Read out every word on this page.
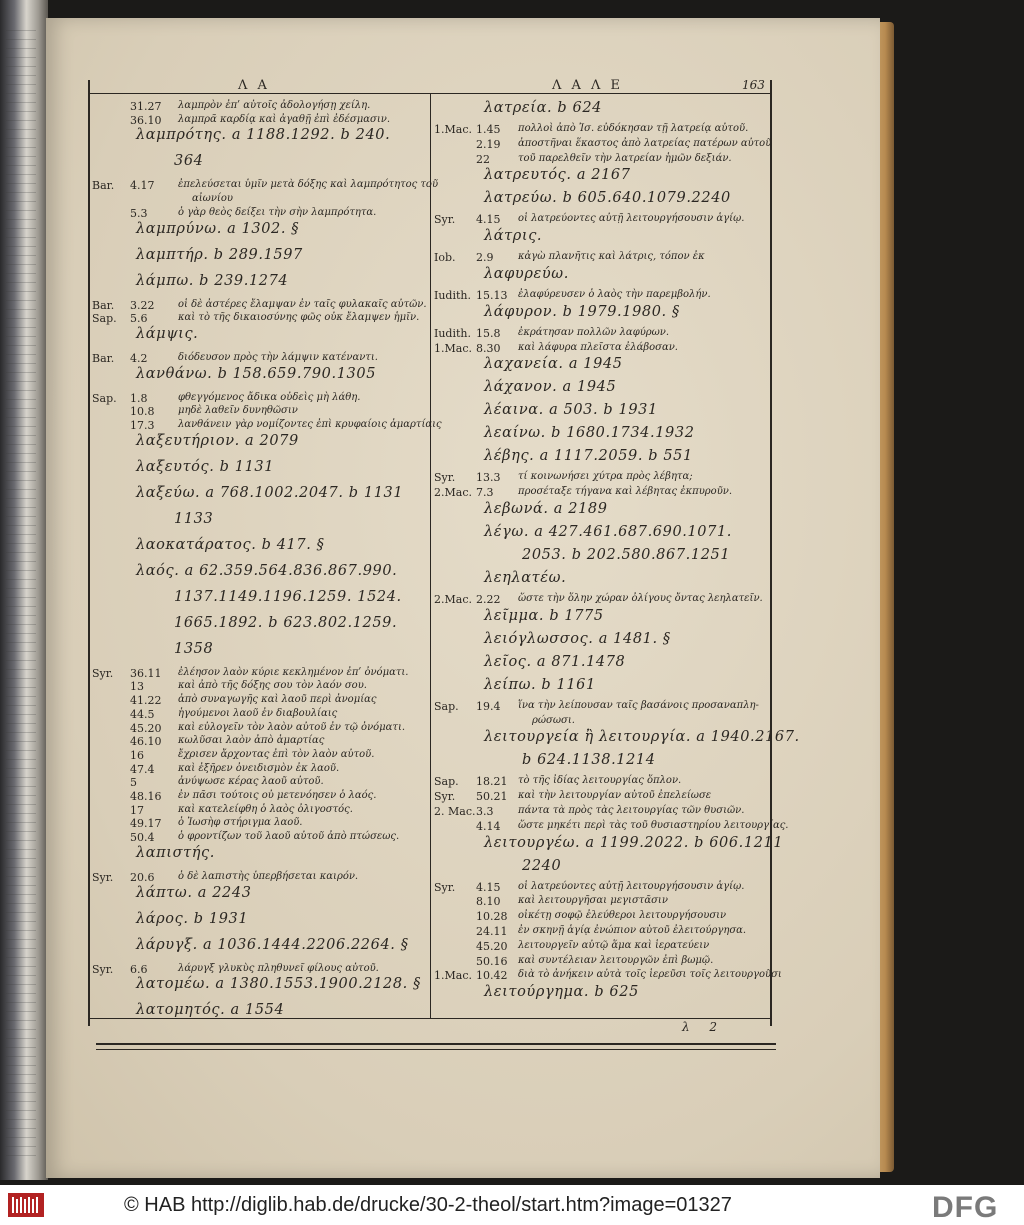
Λ Α	Λ Α Λ Ε	163
31.27 λαμπρὸν ἐπʹ αὐτοῖς ἀδολογήσῃ χείλη.
36.10 λαμπρᾶ καρδίᾳ καὶ ἀγαθῇ ἐπὶ ἐδέσμασιν.
λαμπρότης. a 1188.1292. b 240.
364
Bar. 4.17 ἐπελεύσεται ὑμῖν μετὰ δόξης καὶ λαμπρότητος τοῦ
αἰωνίου
5.3	ὁ γὰρ θεὸς δείξει τὴν σὴν λαμπρότητα.
λαμπρύνω. a 1302. §
λαμπτήρ. b 289.1597
λάμπω. b 239.1274
Bar. 3.22 οἱ δὲ ἀστέρες ἔλαμψαν ἐν ταῖς φυλακαῖς αὐτῶν.
Sap. 5.6	καὶ τὸ τῆς δικαιοσύνης φῶς οὐκ ἔλαμψεν ἡμῖν.
λάμψις.
Bar. 4.2	διόδευσον πρὸς τὴν λάμψιν κατέναντι.
λανθάνω. b 158.659.790.1305
Sap. 1.8	φθεγγόμενος ἄδικα οὐδεὶς μὴ λάθη.
10.8 μηδὲ λαθεῖν δυνηθῶσιν
17.3 λανθάνειν γὰρ νομίζοντες ἐπὶ κρυφαίοις ἁμαρτίαις
λαξευτήριον. a 2079
λαξευτός. b 1131
λαξεύω. a 768.1002.2047. b 1131
1133
λαοκατάρατος. b 417. §
λαός. a 62.359.564.836.867.990.
1137.1149.1196.1259. 1524.
1665.1892. b 623.802.1259.
1358
Syr. 36.11 ἐλέησον λαὸν κύριε κεκλημένον ἐπʹ ὀνόματι.
13	καὶ ἀπὸ τῆς δόξης σου τὸν λαόν σου.
41.22 ἀπὸ συναγωγῆς καὶ λαοῦ περὶ ἀνομίας
44.5 ἡγούμενοι λαοῦ ἐν διαβουλίαις
45.20 καὶ εὐλογεῖν τὸν λαὸν αὐτοῦ ἐν τῷ ὀνόματι.
46.10 κωλῦσαι λαὸν ἀπὸ ἁμαρτίας
16	ἔχρισεν ἄρχοντας ἐπὶ τὸν λαὸν αὐτοῦ.
47.4 καὶ ἐξῆρεν ὀνειδισμὸν ἐκ λαοῦ.
5	ἀνύψωσε κέρας λαοῦ αὐτοῦ.
48.16 ἐν πᾶσι τούτοις οὐ μετενόησεν ὁ λαός.
17	καὶ κατελείφθη ὁ λαὸς ὀλιγοστός.
49.17 ὁ Ἰωσὴφ στήριγμα λαοῦ.
50.4 ὁ φροντίζων τοῦ λαοῦ αὐτοῦ ἀπὸ πτώσεως.
λαπιστής.
Syr. 20.6 ὁ δὲ λαπιστὴς ὑπερβήσεται καιρόν.
λάπτω. a 2243
λάρος. b 1931
λάρυγξ. a 1036.1444.2206.2264. §
Syr. 6.6	λάρυγξ γλυκὺς πληθυνεῖ φίλους αὐτοῦ.
λατομέω. a 1380.1553.1900.2128. §
λατομητός. a 1554
λατρεία. b 624
1.Mac. 1.45 πολλοὶ ἀπὸ Ἰσ. εὐδόκησαν τῇ λατρείᾳ αὐτοῦ.
2.19 ἀποστῆναι ἕκαστος ἀπὸ λατρείας πατέρων αὐτοῦ
22	τοῦ παρελθεῖν τὴν λατρείαν ἡμῶν δεξιάν.
λατρευτός. a 2167
λατρεύω. b 605.640.1079.2240
Syr. 4.15 οἱ λατρεύοντες αὐτῇ λειτουργήσουσιν ἁγίῳ.
λάτρις.
Iob. 2.9 κἀγὼ πλανῆτις καὶ λάτρις, τόπον ἐκ
λαφυρεύω.
Iudith. 15.13 ἐλαφύρευσεν ὁ λαὸς τὴν παρεμβολήν.
λάφυρον. b 1979.1980. §
Iudith. 15.8 ἐκράτησαν πολλῶν λαφύρων.
1.Mac. 8.30 καὶ λάφυρα πλεῖστα ἐλάβοσαν.
λαχανεία. a 1945
λάχανον. a 1945
λέαινα. a 503. b 1931
λεαίνω. b 1680.1734.1932
λέβης. a 1117.2059. b 551
Syr. 13.3 τί κοινωνήσει χύτρα πρὸς λέβητα;
2.Mac. 7.3 προσέταξε τήγανα καὶ λέβητας ἐκπυροῦν.
λεβωνά. a 2189
λέγω. a 427.461.687.690.1071.
2053. b 202.580.867.1251
λεηλατέω.
2.Mac. 2.22 ὥστε τὴν ὅλην χώραν ὀλίγους ὄντας λεηλατεῖν.
λεῖμμα. b 1775
λειόγλωσσος. a 1481. §
λεῖος. a 871.1478
λείπω. b 1161
Sap. 19.4 ἵνα τὴν λείπουσαν ταῖς βασάνοις προσαναπλη-
ρώσωσι.
λειτουργεία ἢ λειτουργία. a 1940.2167.
b 624.1138.1214
Sap. 18.21 τὸ τῆς ἰδίας λειτουργίας ὅπλον.
Syr. 50.21 καὶ τὴν λειτουργίαν αὐτοῦ ἐπελείωσε
2. Mac. 3.3 πάντα τὰ πρὸς τὰς λειτουργίας τῶν θυσιῶν.
4.14 ὥστε μηκέτι περὶ τὰς τοῦ θυσιαστηρίου λειτουργίας.
λειτουργέω. a 1199.2022. b 606.1211
2240
Syr. 4.15 οἱ λατρεύοντες αὐτῇ λειτουργήσουσιν ἁγίῳ.
8.10 καὶ λειτουργῆσαι μεγιστᾶσιν
10.28 οἰκέτῃ σοφῷ ἐλεύθεροι λειτουργήσουσιν
24.11 ἐν σκηνῇ ἁγίᾳ ἐνώπιον αὐτοῦ ἐλειτούργησα.
45.20 λειτουργεῖν αὐτῷ ἅμα καὶ ἱερατεύειν
50.16 καὶ συντέλειαν λειτουργῶν ἐπὶ βωμῷ.
1.Mac. 10.42 διὰ τὸ ἀνήκειν αὐτὰ τοῖς ἱερεῦσι τοῖς λειτουργοῦσι
λειτούργημα. b 625
λ 2
© HAB http://diglib.hab.de/drucke/30-2-theol/start.htm?image=01327	DFG
